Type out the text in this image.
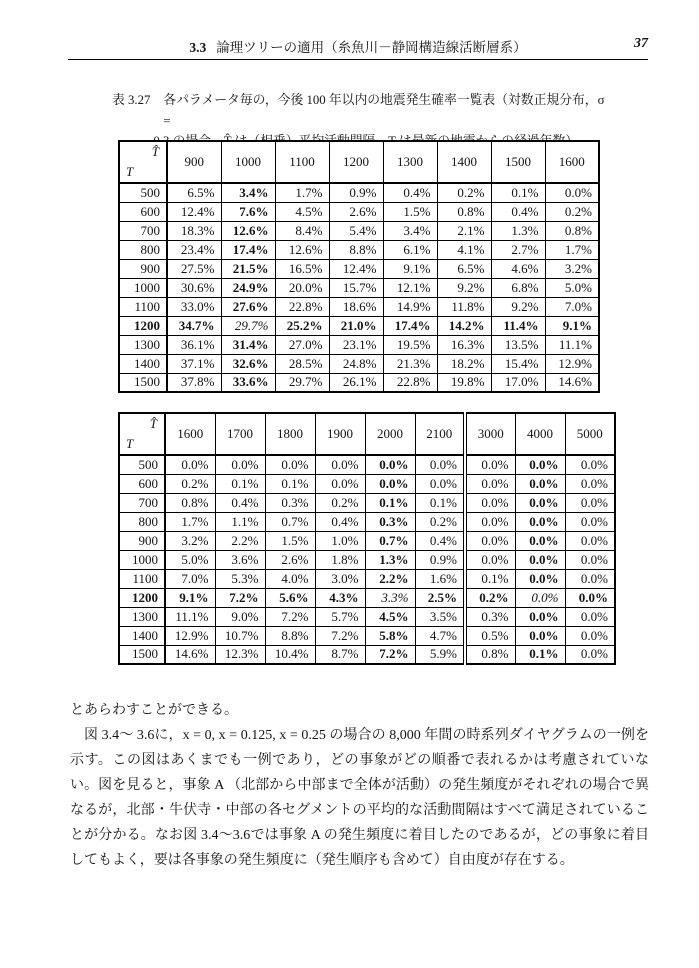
3.3 論理ツリーの適用（糸魚川－静岡構造線活断層系）	37
表 3.27 各パラメータ毎の，今後 100 年以内の地震発生確率一覧表（対数正規分布，σ =
T̂
T	900	1000	1100	1200	1300	1400	1500	1600
500	6.5%	3.4%	1.7%	0.9%	0.4%	0.2%	0.1%	0.0%
600	12.4%	7.6%	4.5%	2.6%	1.5%	0.8%	0.4%	0.2%
700	18.3%	12.6%	8.4%	5.4%	3.4%	2.1%	1.3%	0.8%
800	23.4%	17.4%	12.6%	8.8%	6.1%	4.1%	2.7%	1.7%
900	27.5%	21.5%	16.5%	12.4%	9.1%	6.5%	4.6%	3.2%
1000	30.6%	24.9%	20.0%	15.7%	12.1%	9.2%	6.8%	5.0%
1100	33.0%	27.6%	22.8%	18.6%	14.9%	11.8%	9.2%	7.0%
1200	34.7%	29.7%	25.2%	21.0%	17.4%	14.2%	11.4%	9.1%
1300	36.1%	31.4%	27.0%	23.1%	19.5%	16.3%	13.5%	11.1%
1400	37.1%	32.6%	28.5%	24.8%	21.3%	18.2%	15.4%	12.9%
1500	37.8%	33.6%	29.7%	26.1%	22.8%	19.8%	17.0%	14.6%
T̂
T	1600	1700	1800	1900	2000	2100	3000	4000	5000
500	0.0%	0.0%	0.0%	0.0%	0.0%	0.0%	0.0%	0.0%	0.0%
600	0.2%	0.1%	0.1%	0.0%	0.0%	0.0%	0.0%	0.0%	0.0%
700	0.8%	0.4%	0.3%	0.2%	0.1%	0.1%	0.0%	0.0%	0.0%
800	1.7%	1.1%	0.7%	0.4%	0.3%	0.2%	0.0%	0.0%	0.0%
900	3.2%	2.2%	1.5%	1.0%	0.7%	0.4%	0.0%	0.0%	0.0%
1000	5.0%	3.6%	2.6%	1.8%	1.3%	0.9%	0.0%	0.0%	0.0%
1100	7.0%	5.3%	4.0%	3.0%	2.2%	1.6%	0.1%	0.0%	0.0%
1200	9.1%	7.2%	5.6%	4.3%	3.3%	2.5%	0.2%	0.0%	0.0%
1300	11.1%	9.0%	7.2%	5.7%	4.5%	3.5%	0.3%	0.0%	0.0%
1400	12.9%	10.7%	8.8%	7.2%	5.8%	4.7%	0.5%	0.0%	0.0%
1500	14.6%	12.3%	10.4%	8.7%	7.2%	5.9%	0.8%	0.1%	0.0%

とあらわすことができる。

図 3.4～ 3.6に，x = 0, x = 0.125, x = 0.25 の場合の 8,000 年間の時系列ダイヤグラムの一例を示す。この図はあくまでも一例であり，どの事象がどの順番で表れるかは考慮されていない。図を見ると，事象 A （北部から中部まで全体が活動）の発生頻度がそれぞれの場合で異なるが，北部・牛伏寺・中部の各セグメントの平均的な活動間隔はすべて満足されていることが分かる。なお図 3.4～3.6では事象 A の発生頻度に着目したのであるが，どの事象に着目してもよく，要は各事象の発生頻度に（発生順序も含めて）自由度が存在する。
